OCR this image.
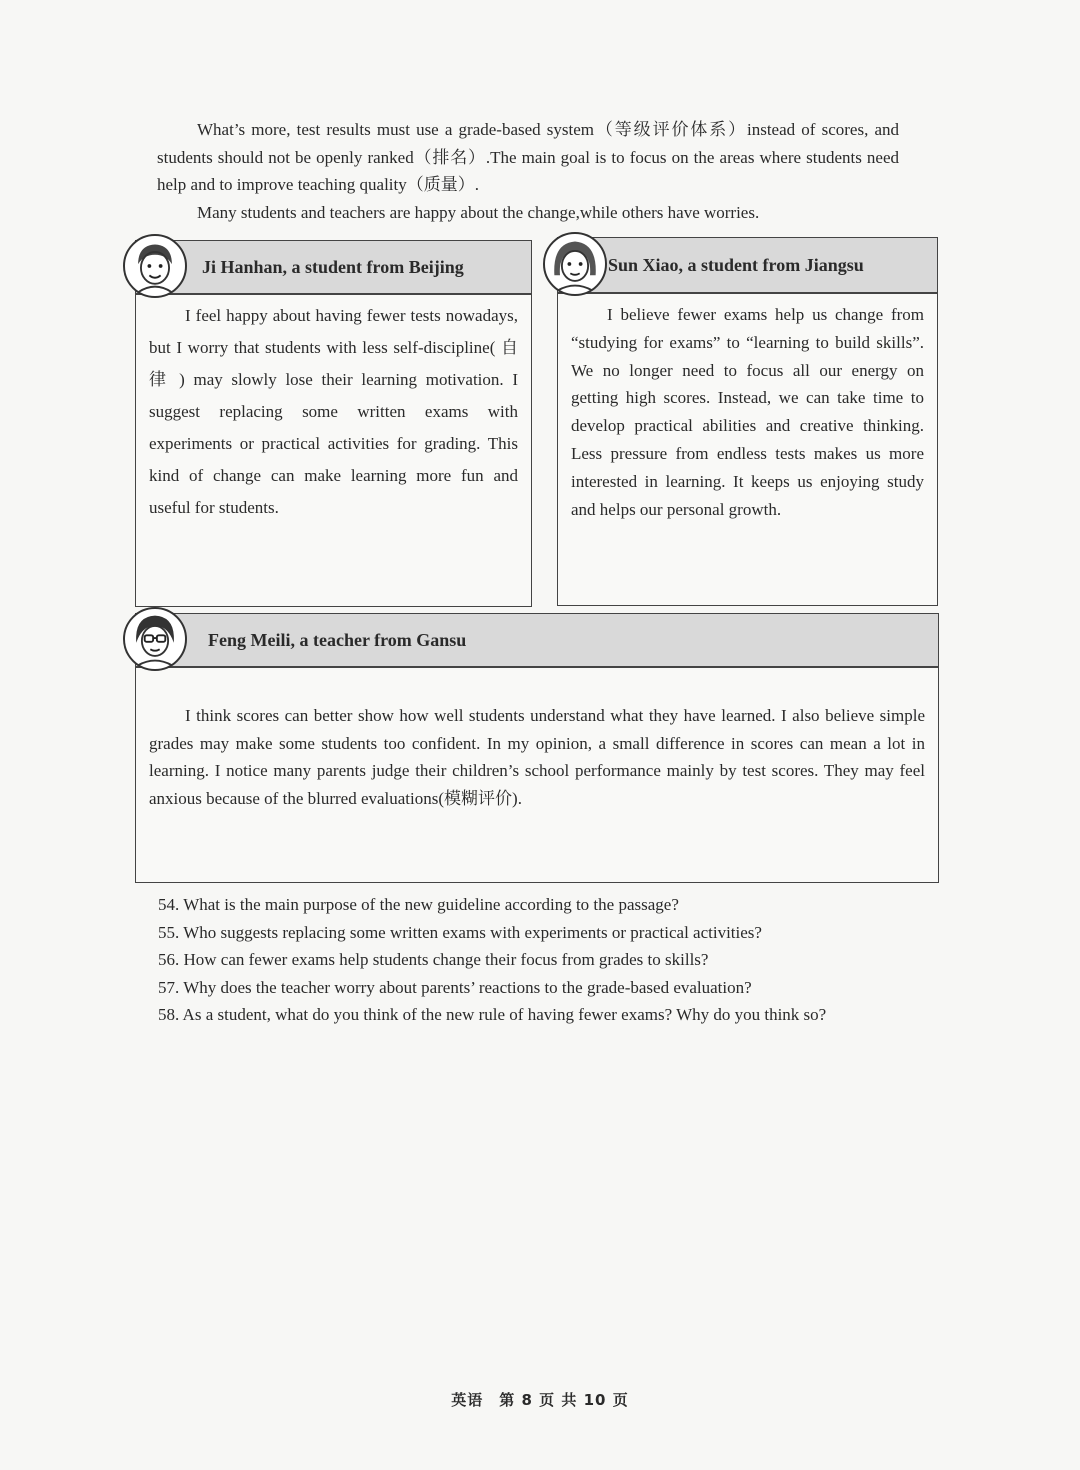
What’s more, test results must use a grade-based system（等级评价体系）instead of scores, and students should not be openly ranked（排名）.The main goal is to focus on the areas where students need help and to improve teaching quality（质量）.

Many students and teachers are happy about the change,while others have worries.

Ji Hanhan, a student from Beijing

I feel happy about having fewer tests nowadays, but I worry that students with less self-discipline( 自 律 ) may slowly lose their learning motivation. I suggest replacing some written exams with experiments or practical activities for grading. This kind of change can make learning more fun and useful for students.

Sun Xiao, a student from Jiangsu

I believe fewer exams help us change from “studying for exams” to “learning to build skills”. We no longer need to focus all our energy on getting high scores. Instead, we can take time to develop practical abilities and creative thinking. Less pressure from endless tests makes us more interested in learning. It keeps us enjoying study and helps our personal growth.

Feng Meili, a teacher from Gansu

I think scores can better show how well students understand what they have learned. I also believe simple grades may make some students too confident. In my opinion, a small difference in scores can mean a lot in learning. I notice many parents judge their children’s school performance mainly by test scores. They may feel anxious because of the blurred evaluations(模糊评价).

54. What is the main purpose of the new guideline according to the passage?
55. Who suggests replacing some written exams with experiments or practical activities?
56. How can fewer exams help students change their focus from grades to skills?
57. Why does the teacher worry about parents’ reactions to the grade-based evaluation?
58. As a student, what do you think of the new rule of having fewer exams? Why do you think so?
英语　第 8 页 共 10 页
